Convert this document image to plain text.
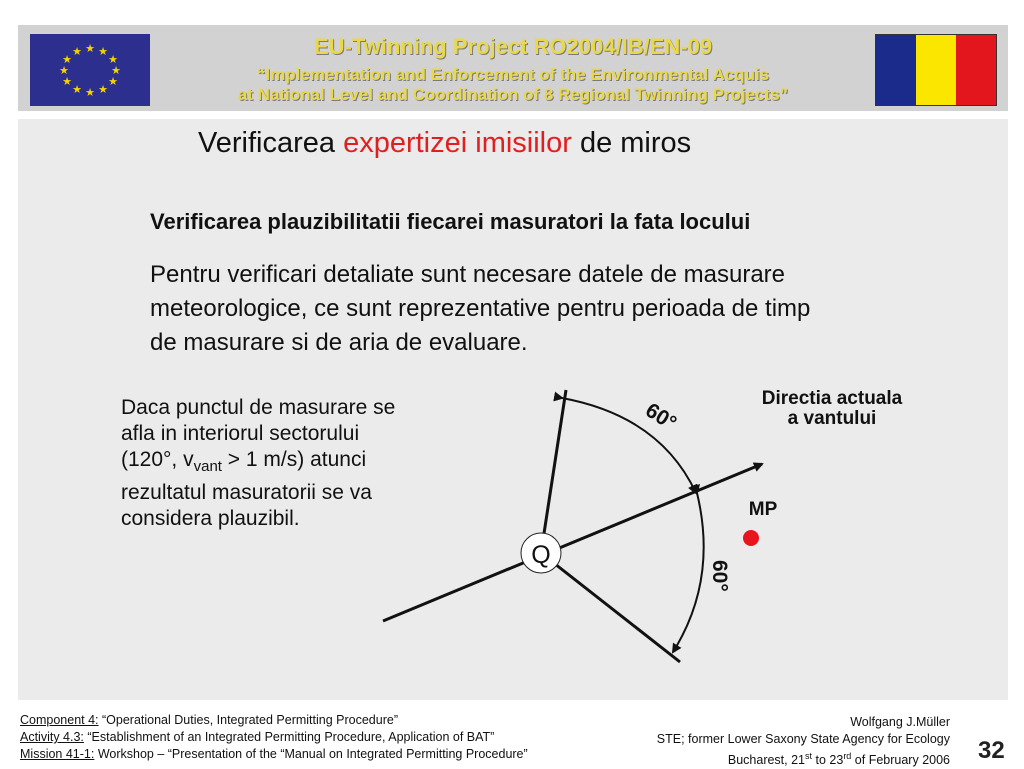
★ ★
★
★
★
★
★
★
★
★
★
★	EU-Twinning Project RO2004/IB/EN-09
“Implementation and Enforcement of the Environmental Acquis
at National Level and Coordination of 8 Regional Twinning Projects”
Verificarea expertizei imisiilor de miros
Verificarea plauzibilitatii fiecarei masuratori la fata locului
Pentru verificari detaliate sunt necesare datele de masurare
meteorologice, ce sunt reprezentative pentru perioada de timp
de masurare si de aria de evaluare.
Daca punctul de masurare se
afla in interiorul sectorului
(120°, $v_{vant} > 1$ m/s) atunci
rezultatul masuratorii se va
considera plauzibil.
Q
60°
60°
Directia actuala
a vantului
MP
Component 4: “Operational Duties, Integrated Permitting Procedure”
Activity 4.3: “Establishment of an Integrated Permitting Procedure, Application of BAT”
Mission 41-1: Workshop – “Presentation of the “Manual on Integrated Permitting Procedure”
Wolfgang J.Müller
STE; former Lower Saxony State Agency for Ecology
Bucharest, 21st to 23rd of February 2006 32
